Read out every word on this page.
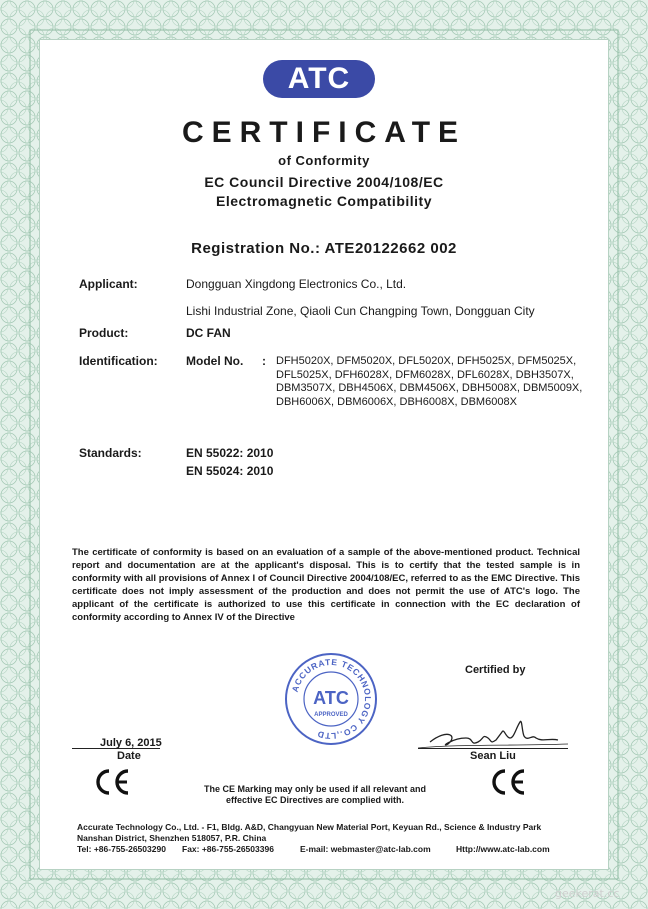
ATC
CERTIFICATE
of Conformity
EC Council Directive 2004/108/EC
Electromagnetic Compatibility
Registration No.: ATE20122662 002
Applicant:	Dongguan Xingdong Electronics Co., Ltd.
Lishi Industrial Zone, Qiaoli Cun Changping Town, Dongguan City
Product:	DC FAN
Identification: Model No. : DFH5020X, DFM5020X, DFL5020X, DFH5025X, DFM5025X,
DFL5025X, DFH6028X, DFM6028X, DFL6028X, DBH3507X,
DBM3507X, DBH4506X, DBM4506X, DBH5008X, DBM5009X,
DBH6006X, DBM6006X, DBH6008X, DBM6008X
Standards:	EN 55022: 2010
EN 55024: 2010
The certificate of conformity is based on an evaluation of a sample of the above-mentioned product. Technical report and documentation are at the applicant's disposal. This is to certify that the tested sample is in conformity with all provisions of Annex I of Council Directive 2004/108/EC, referred to as the EMC Directive. This certificate does not imply assessment of the production and does not permit the use of ATC's logo. The applicant of the certificate is authorized to use this certificate in connection with the EC declaration of conformity according to Annex IV of the Directive
ACCURATE TECHNOLOGY CO.,LTD
ATC
APPROVED
Certified by
July 6, 2015
Date	Sean Liu
The CE Marking may only be used if all relevant and
effective EC Directives are complied with.
Accurate Technology Co., Ltd. - F1, Bldg. A&D, Changyuan New Material Port, Keyuan Rd., Science & Industry Park
Nanshan District, Shenzhen 518057, P.R. China
Tel: +86-755-26503290 Fax: +86-755-26503396	E-mail: webmaster@atc-lab.com	Http://www.atc-lab.com
geekerat.cc
